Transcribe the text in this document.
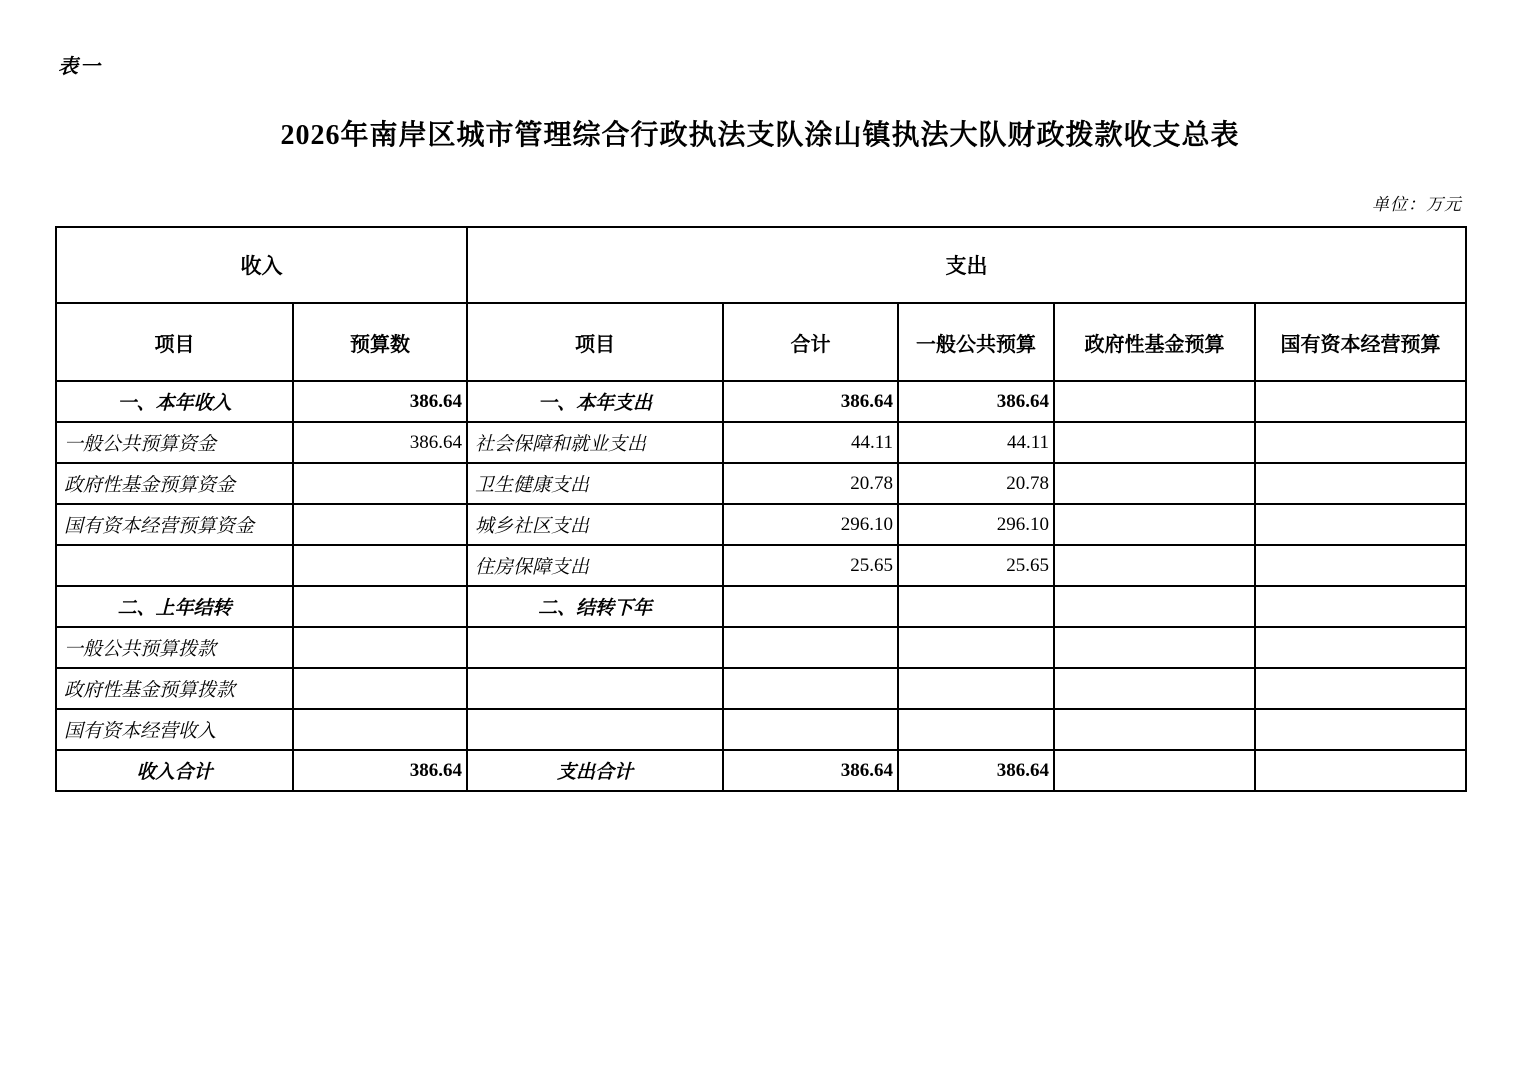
表一
2026年南岸区城市管理综合行政执法支队涂山镇执法大队财政拨款收支总表
单位：万元
收入		支出				
项目	预算数	项目	合计	一般公共预算	政府性基金预算	国有资本经营预算
一、本年收入	386.64	一、本年支出	386.64	386.64		
一般公共预算资金	386.64	社会保障和就业支出	44.11	44.11		
政府性基金预算资金		卫生健康支出	20.78	20.78		
国有资本经营预算资金		城乡社区支出	296.10	296.10		
		住房保障支出	25.65	25.65		
二、上年结转		二、结转下年				
一般公共预算拨款						
政府性基金预算拨款						
国有资本经营收入						
收入合计	386.64	支出合计	386.64	386.64		
